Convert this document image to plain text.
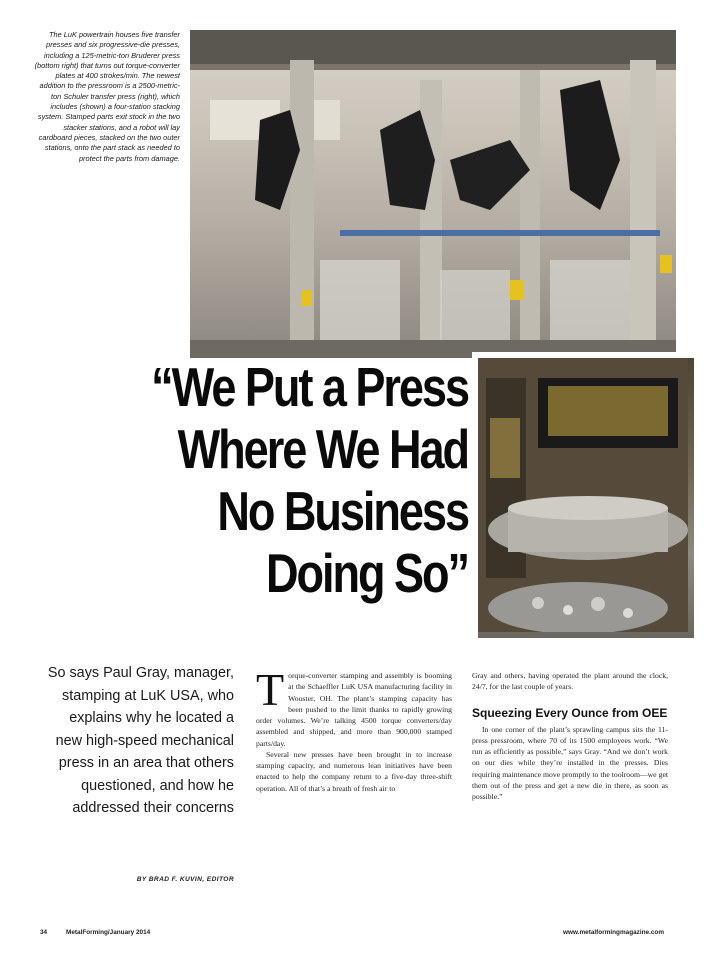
The LuK powertrain houses five transfer presses and six progressive-die presses, including a 125-metric-ton Bruderer press (bottom right) that turns out torque-converter plates at 400 strokes/min. The newest addition to the pressroom is a 2500-metric-ton Schuler transfer press (right), which includes (shown) a four-station stacking system. Stamped parts exit stock in the two stacker stations, and a robot will lay cardboard pieces, stacked on the two outer stations, onto the part stack as needed to protect the parts from damage.
“We Put a Press
Where We Had
No Business
Doing So”
So says Paul Gray, manager, stamping at LuK USA, who explains why he located a new high-speed mechanical press in an area that others questioned, and how he addressed their concerns
BY BRAD F. KUVIN, EDITOR
T orque-converter stamping and assembly is booming at the Schaeffler LuK USA manufacturing facility in Wooster, OH. The plant’s stamping capacity has been pushed to the limit thanks to rapidly growing order volumes. We’re talking 4500 torque converters/day assembled and shipped, and more than 900,000 stamped parts/day.

Several new presses have been brought in to increase stamping capacity, and numerous lean initiatives have been enacted to help the company return to a five-day three-shift operation. All of that’s a breath of fresh air to

Gray and others, having operated the plant around the clock, 24/7, for the last couple of years.

Squeezing Every Ounce from OEE

In one corner of the plant’s sprawling campus sits the 11-press pressroom, where 70 of its 1500 employees work. “We run as efficiently as possible,” says Gray. “And we don’t work on our dies while they’re installed in the presses. Dies requiring maintenance move promptly to the toolroom—we get them out of the press and get a new die in there, as soon as possible.”

34	MetalForming/January 2014	www.metalformingmagazine.com
